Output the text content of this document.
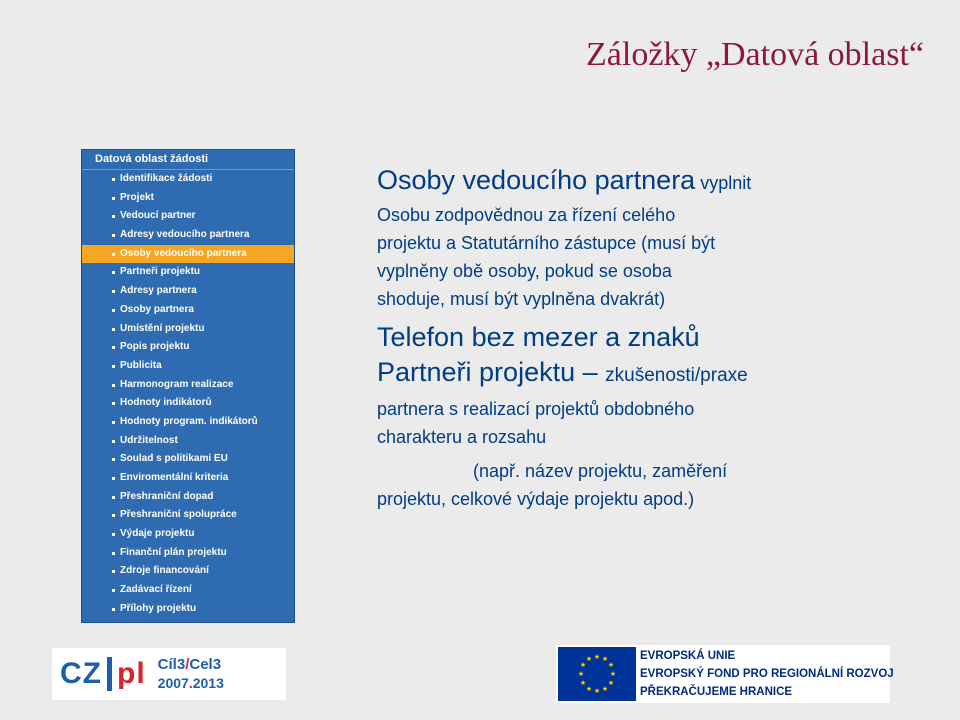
Záložky „Datová oblast“
Datová oblast žádosti
Identifikace žádosti
Projekt
Vedoucí partner
Adresy vedoucího partnera
Osoby vedoucího partnera
Partneři projektu
Adresy partnera
Osoby partnera
Umístění projektu
Popis projektu
Publicita
Harmonogram realizace
Hodnoty indikátorů
Hodnoty program. indikátorů
Udržitelnost
Soulad s politikami EU
Enviromentální kriteria
Přeshraniční dopad
Přeshraniční spolupráce
Výdaje projektu
Finanční plán projektu
Zdroje financování
Zadávací řízení
Přílohy projektu
Osoby vedoucího partnera vyplnit
Osobu zodpovědnou za řízení celého
projektu a Statutárního zástupce (musí být
vyplněny obě osoby, pokud se osoba
shoduje, musí být vyplněna dvakrát)
Telefon bez mezer a znaků
Partneři projektu – zkušenosti/praxe
partnera s realizací projektů obdobného
charakteru a rozsahu
(např. název projektu, zaměření
projektu, celkové výdaje projektu apod.)
CZ pl Cíl3/Cel3
2007.2013
★ ★
★
★
★
★
★
★
★
★
★
★	EVROPSKÁ UNIE
EVROPSKÝ FOND PRO REGIONÁLNÍ ROZVOJ
PŘEKRAČUJEME HRANICE
